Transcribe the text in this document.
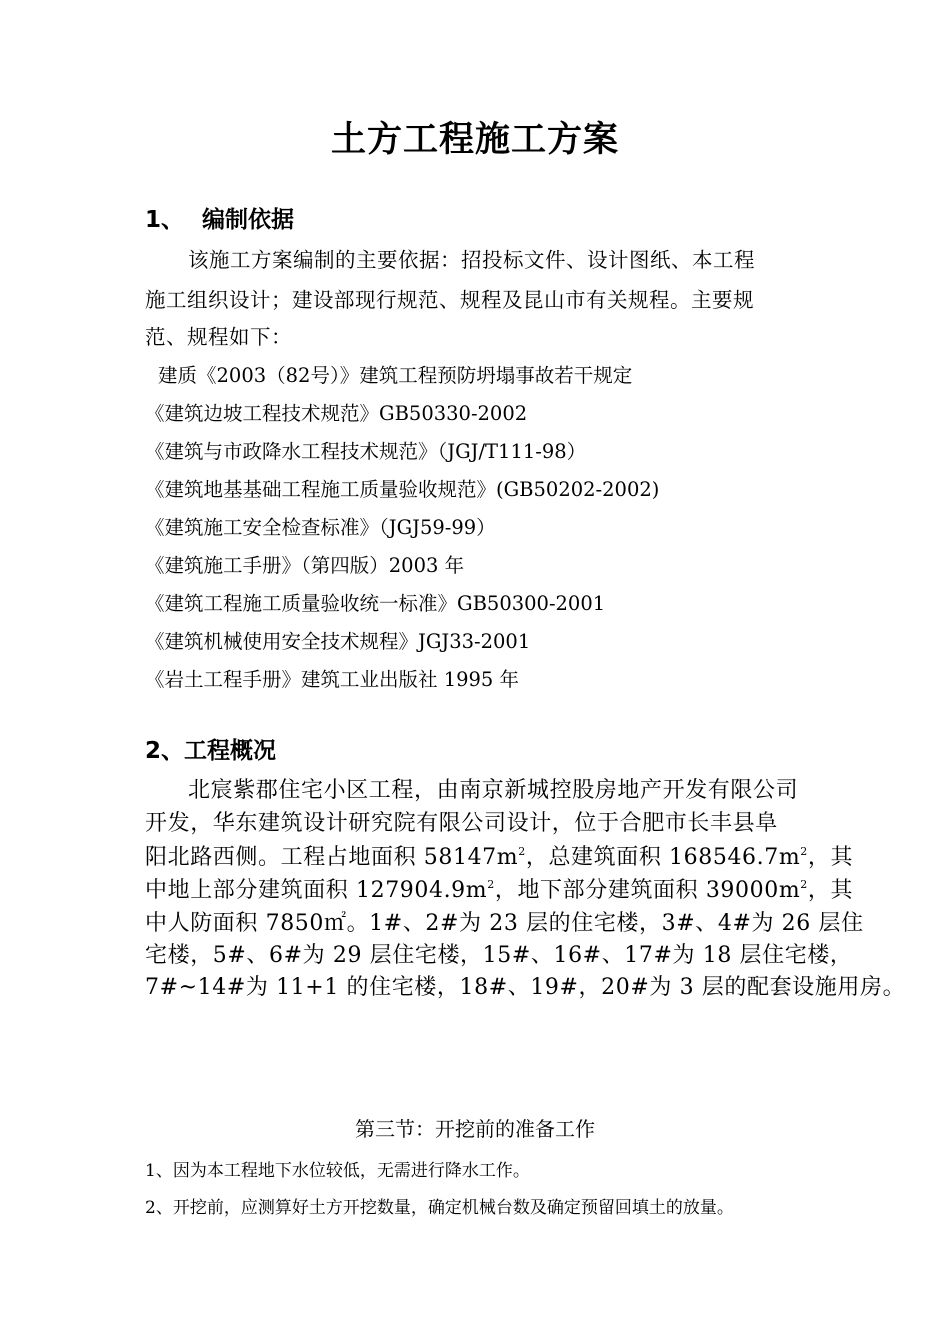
土方工程施工方案
1、 编制依据
该施工方案编制的主要依据：招投标文件、设计图纸、本工程
施工组织设计；建设部现行规范、规程及昆山市有关规程。主要规
范、规程如下：
建质《2003（82号）》建筑工程预防坍塌事故若干规定
《建筑边坡工程技术规范》GB50330-2002
《建筑与市政降水工程技术规范》（JGJ/T111-98）
《建筑地基基础工程施工质量验收规范》(GB50202-2002)
《建筑施工安全检查标准》（JGJ59-99）
《建筑施工手册》（第四版）2003 年
《建筑工程施工质量验收统一标准》GB50300-2001
《建筑机械使用安全技术规程》JGJ33-2001
《岩土工程手册》建筑工业出版社 1995 年
2、工程概况
北宸紫郡住宅小区工程，由南京新城控股房地产开发有限公司
开发，华东建筑设计研究院有限公司设计，位于合肥市长丰县阜
阳北路西侧。工程占地面积 $58147m^2$，总建筑面积 $168546.7m^2$，其
中地上部分建筑面积 $127904.9m^2$，地下部分建筑面积 $39000m^2$，其
中人防面积 7850㎡。1#、2#为 23 层的住宅楼，3#、4#为 26 层住
宅楼，5#、6#为 29 层住宅楼，15#、16#、17#为 18 层住宅楼，
7#~14#为 11+1 的住宅楼，18#、19#，20#为 3 层的配套设施用房。
第三节：开挖前的准备工作
1、因为本工程地下水位较低，无需进行降水工作。
2、开挖前，应测算好土方开挖数量，确定机械台数及确定预留回填土的放量。
